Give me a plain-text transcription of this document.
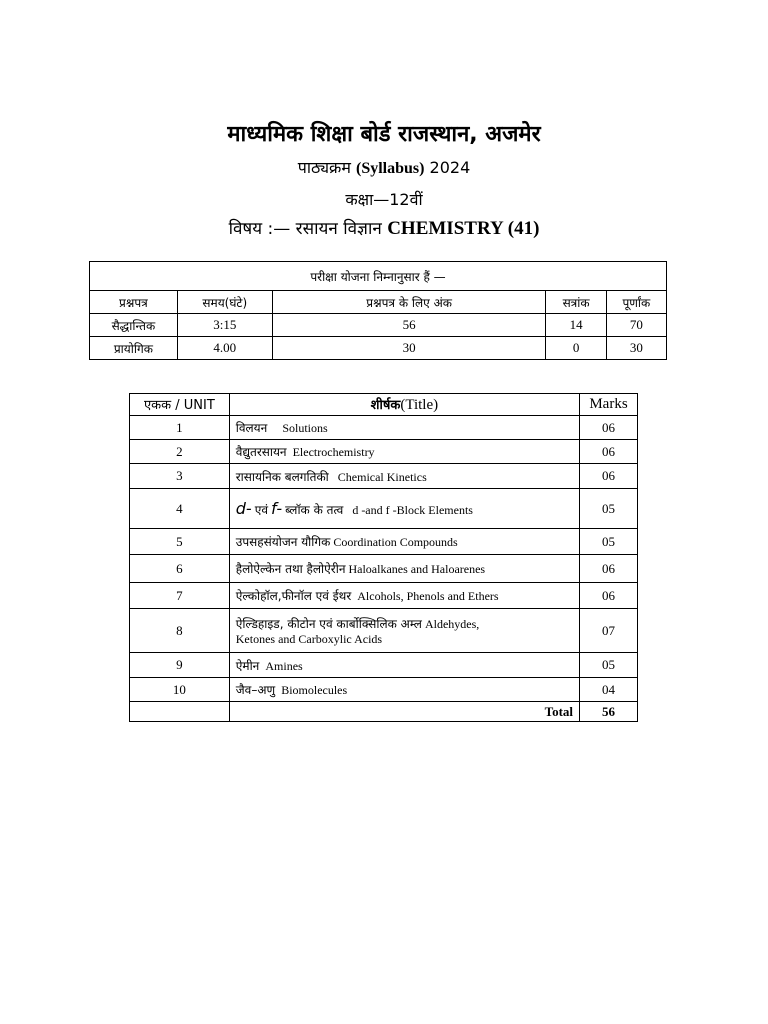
माध्यमिक शिक्षा बोर्ड राजस्थान, अजमेर
पाठ्यक्रम (Syllabus) 2024
कक्षा—12वीं
विषय :— रसायन विज्ञान CHEMISTRY (41)
परीक्षा योजना निम्नानुसार हैं —				
प्रश्नपत्र	समय(घंटे)	प्रश्नपत्र के लिए अंक	सत्रांक	पूर्णांक
सैद्धान्तिक	3:15	56	14	70
प्रायोगिक	4.00	30	0	30
एकक / UNIT	शीर्षक(Title)	Marks
1	विलयन Solutions	06
2	वैद्युतरसायन Electrochemistry	06
3	रासायनिक बलगतिकी Chemical Kinetics	06
4	d- एवं f- ब्लॉक के तत्व d -and f -Block Elements	05
5	उपसहसंयोजन यौगिक Coordination Compounds	05
6	हैलोऐल्केन तथा हैलोऐरीन Haloalkanes and Haloarenes	06
7	ऐल्कोहॉल,फीनॉल एवं ईथर Alcohols, Phenols and Ethers	06
8	ऐल्डिहाइड, कीटोन एवं कार्बोक्सिलिक अम्ल Aldehydes,
Ketones and Carboxylic Acids	07
9	ऐमीन Amines	05
10	जैव–अणु Biomolecules	04
	Total	56
